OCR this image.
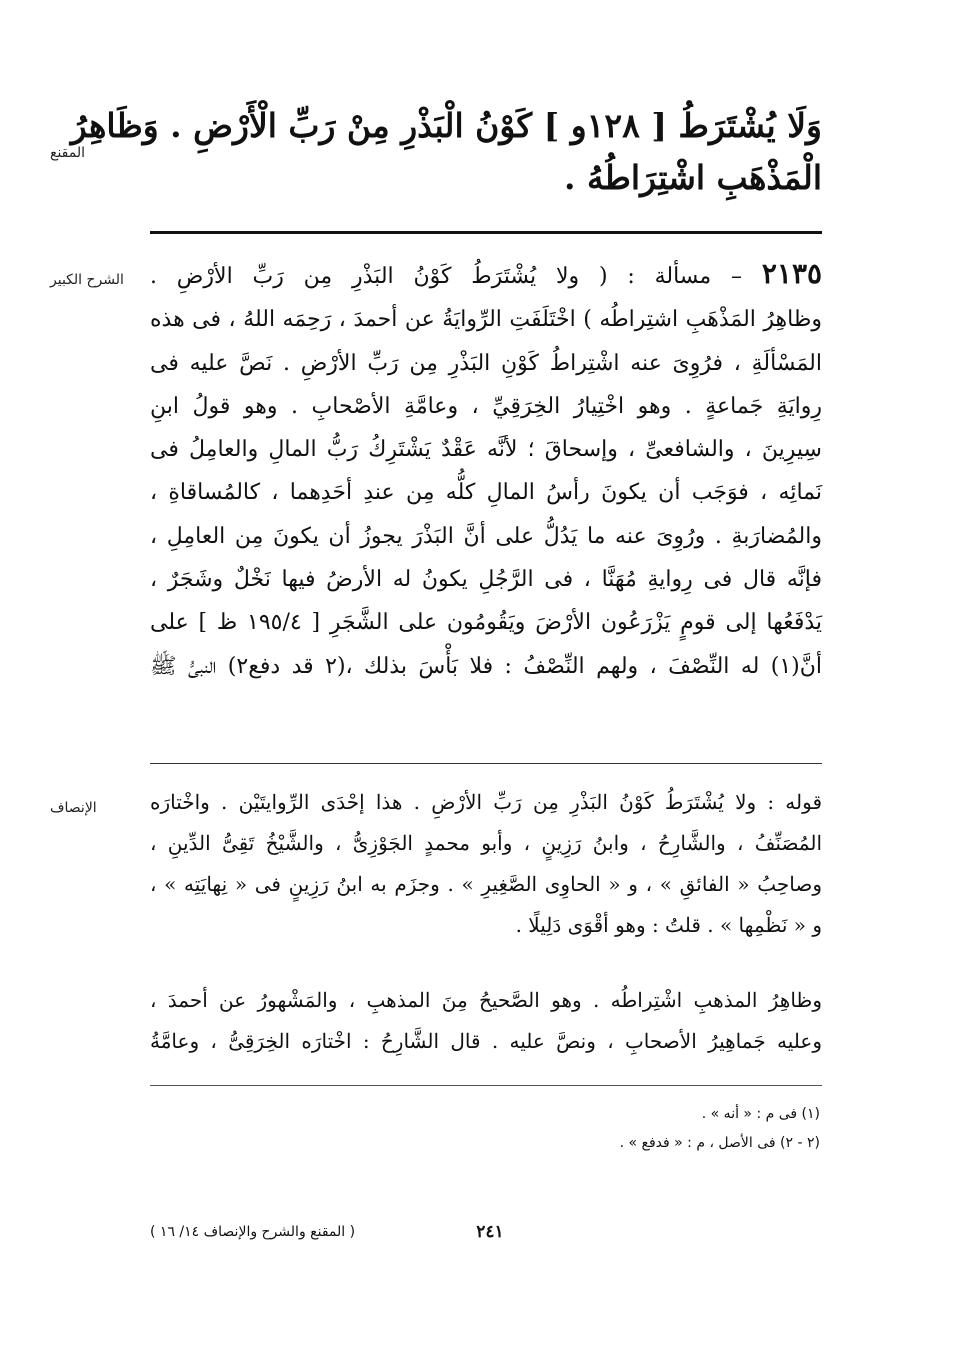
المقنع
وَلَا يُشْتَرَطُ [ ١٢٨و ] كَوْنُ الْبَذْرِ مِنْ رَبِّ الْأَرْضِ . وَظَاهِرُ
الْمَذْهَبِ اشْتِرَاطُهُ .
الشرح الكبير	٢١٣٥ – مسألة : ( ولا يُشْتَرَطُ كَوْنُ البَذْرِ مِن رَبِّ الأرْضِ .
وظاهِرُ المَذْهَبِ اشتِراطُه ) اخْتَلَفَتِ الرِّوايَةُ عن أحمدَ ، رَحِمَه اللهُ ، فى هذه
المَسْألَةِ ، فرُوِىَ عنه اشْتِراطُ كَوْنِ البَذْرِ مِن رَبِّ الأرْضِ . نَصَّ عليه فى
رِوايَةِ جَماعةٍ . وهو اخْتِيارُ الخِرَقِيِّ ، وعامَّةِ الأصْحابِ . وهو قولُ ابنِ
سِيرِينَ ، والشافعىِّ ، وإسحاقَ ؛ لأنَّه عَقْدٌ يَشْتَرِكُ رَبُّ المالِ والعامِلُ فى
نَمائِه ، فوَجَب أن يكونَ رأسُ المالِ كلُّه مِن عندِ أحَدِهما ، كالمُساقاةِ ،
والمُضارَبةِ . ورُوِىَ عنه ما يَدُلُّ على أنَّ البَذْرَ يجوزُ أن يكونَ مِن العامِلِ ،
فإنَّه قال فى رِوايةِ مُهَنَّا ، فى الرَّجُلِ يكونُ له الأرضُ فيها نَخْلٌ وشَجَرٌ ،
يَدْفَعُها إلى قومٍ يَزْرَعُون الأرْضَ ويَقُومُون على الشَّجَرِ [ ١٩٥/٤ ظ ] على
أنَّ(١) له النِّصْفَ ، ولهم النِّصْفُ : فلا بَأْسَ بذلك ،(٢ قد دفع٢) النبىُّ ﷺ
الإنصاف	قوله : ولا يُشْتَرَطُ كَوْنُ البَذْرِ مِن رَبِّ الأرْضِ . هذا إحْدَى الرِّوايتَيْن . واخْتارَه
المُصَنِّفُ ، والشَّارِحُ ، وابنُ رَزِينٍ ، وأبو محمدٍ الجَوْزِىُّ ، والشَّيْخُ تَقِىُّ الدِّينِ ،
وصاحِبُ « الفائقِ » ، و « الحاوِى الصَّغِيرِ » . وجزَم به ابنُ رَزِينٍ فى « نِهايَتِه » ،
و « نَظْمِها » . قلتُ : وهو أقْوَى دَلِيلًا .
وظاهِرُ المذهبِ اشْتِراطُه . وهو الصَّحيحُ مِنَ المذهبِ ، والمَشْهورُ عن أحمدَ ،
وعليه جَماهِيرُ الأصحابِ ، ونصَّ عليه . قال الشَّارِحُ : اخْتارَه الخِرَقِىُّ ، وعامَّةُ
(١) فى م : « أنه » .
(٢ - ٢) فى الأصل ، م : « فدفع » .
( المقنع والشرح والإنصاف ١٤/ ١٦ )	٢٤١
